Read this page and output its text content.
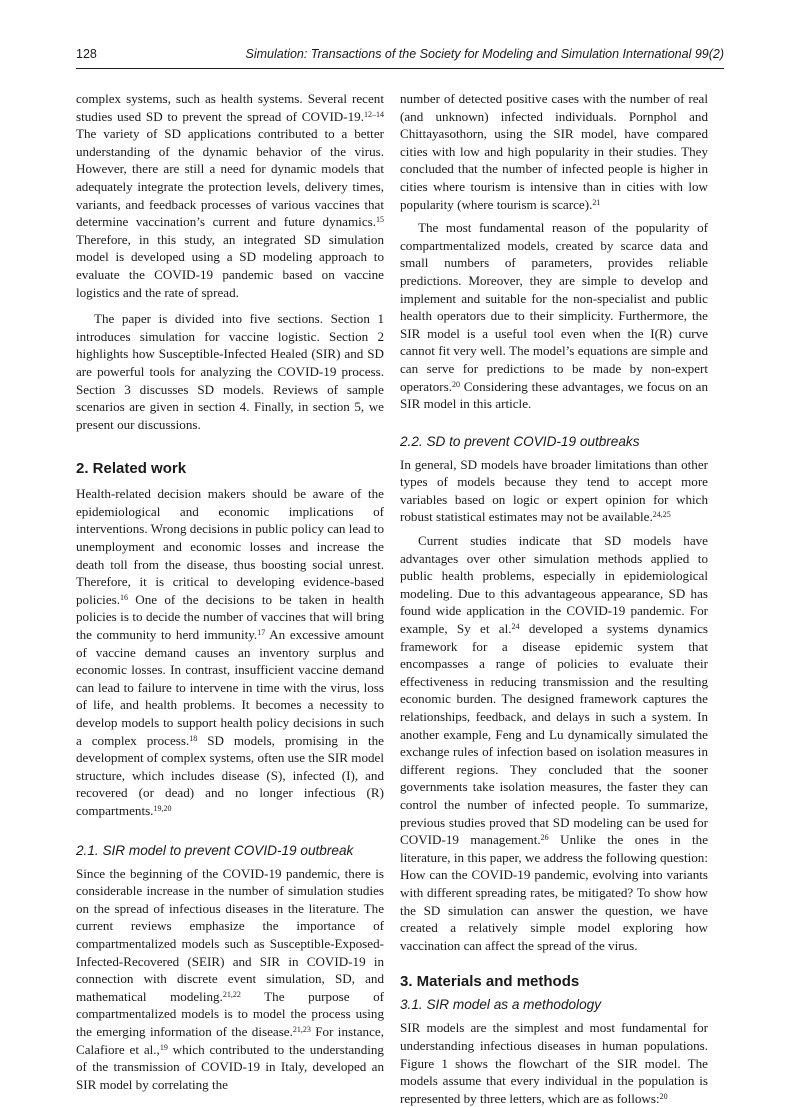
128	Simulation: Transactions of the Society for Modeling and Simulation International 99(2)

complex systems, such as health systems. Several recent studies used SD to prevent the spread of COVID-19.$^{12-14}$ The variety of SD applications contributed to a better understanding of the dynamic behavior of the virus. However, there are still a need for dynamic models that adequately integrate the protection levels, delivery times, variants, and feedback processes of various vaccines that determine vaccination’s current and future dynamics.$^{15}$ Therefore, in this study, an integrated SD simulation model is developed using a SD modeling approach to evaluate the COVID-19 pandemic based on vaccine logistics and the rate of spread.

The paper is divided into five sections. Section 1 introduces simulation for vaccine logistic. Section 2 highlights how Susceptible-Infected Healed (SIR) and SD are powerful tools for analyzing the COVID-19 process. Section 3 discusses SD models. Reviews of sample scenarios are given in section 4. Finally, in section 5, we present our discussions.

2. Related work

Health-related decision makers should be aware of the epidemiological and economic implications of interventions. Wrong decisions in public policy can lead to unemployment and economic losses and increase the death toll from the disease, thus boosting social unrest. Therefore, it is critical to developing evidence-based policies.$^{16}$ One of the decisions to be taken in health policies is to decide the number of vaccines that will bring the community to herd immunity.$^{17}$ An excessive amount of vaccine demand causes an inventory surplus and economic losses. In contrast, insufficient vaccine demand can lead to failure to intervene in time with the virus, loss of life, and health problems. It becomes a necessity to develop models to support health policy decisions in such a complex process.$^{18}$ SD models, promising in the development of complex systems, often use the SIR model structure, which includes disease (S), infected (I), and recovered (or dead) and no longer infectious (R) compartments.$^{19,20}$

2.1. SIR model to prevent COVID-19 outbreak

Since the beginning of the COVID-19 pandemic, there is considerable increase in the number of simulation studies on the spread of infectious diseases in the literature. The current reviews emphasize the importance of compartmentalized models such as Susceptible-Exposed-Infected-Recovered (SEIR) and SIR in COVID-19 in connection with discrete event simulation, SD, and mathematical modeling.$^{21,22}$ The purpose of compartmentalized models is to model the process using the emerging information of the disease.$^{21,23}$ For instance, Calafiore et al.,$^{19}$ which contributed to the understanding of the transmission of COVID-19 in Italy, developed an SIR model by correlating the

number of detected positive cases with the number of real (and unknown) infected individuals. Pornphol and Chittayasothorn, using the SIR model, have compared cities with low and high popularity in their studies. They concluded that the number of infected people is higher in cities where tourism is intensive than in cities with low popularity (where tourism is scarce).$^{21}$

The most fundamental reason of the popularity of compartmentalized models, created by scarce data and small numbers of parameters, provides reliable predictions. Moreover, they are simple to develop and implement and suitable for the non-specialist and public health operators due to their simplicity. Furthermore, the SIR model is a useful tool even when the I(R) curve cannot fit very well. The model’s equations are simple and can serve for predictions to be made by non-expert operators.$^{20}$ Considering these advantages, we focus on an SIR model in this article.

2.2. SD to prevent COVID-19 outbreaks

In general, SD models have broader limitations than other types of models because they tend to accept more variables based on logic or expert opinion for which robust statistical estimates may not be available.$^{24,25}$

Current studies indicate that SD models have advantages over other simulation methods applied to public health problems, especially in epidemiological modeling. Due to this advantageous appearance, SD has found wide application in the COVID-19 pandemic. For example, Sy et al.$^{24}$ developed a systems dynamics framework for a disease epidemic system that encompasses a range of policies to evaluate their effectiveness in reducing transmission and the resulting economic burden. The designed framework captures the relationships, feedback, and delays in such a system. In another example, Feng and Lu dynamically simulated the exchange rules of infection based on isolation measures in different regions. They concluded that the sooner governments take isolation measures, the faster they can control the number of infected people. To summarize, previous studies proved that SD modeling can be used for COVID-19 management.$^{26}$ Unlike the ones in the literature, in this paper, we address the following question: How can the COVID-19 pandemic, evolving into variants with different spreading rates, be mitigated? To show how the SD simulation can answer the question, we have created a relatively simple model exploring how vaccination can affect the spread of the virus.

3. Materials and methods
3.1. SIR model as a methodology

SIR models are the simplest and most fundamental for understanding infectious diseases in human populations. Figure 1 shows the flowchart of the SIR model. The models assume that every individual in the population is represented by three letters, which are as follows:$^{20}$
